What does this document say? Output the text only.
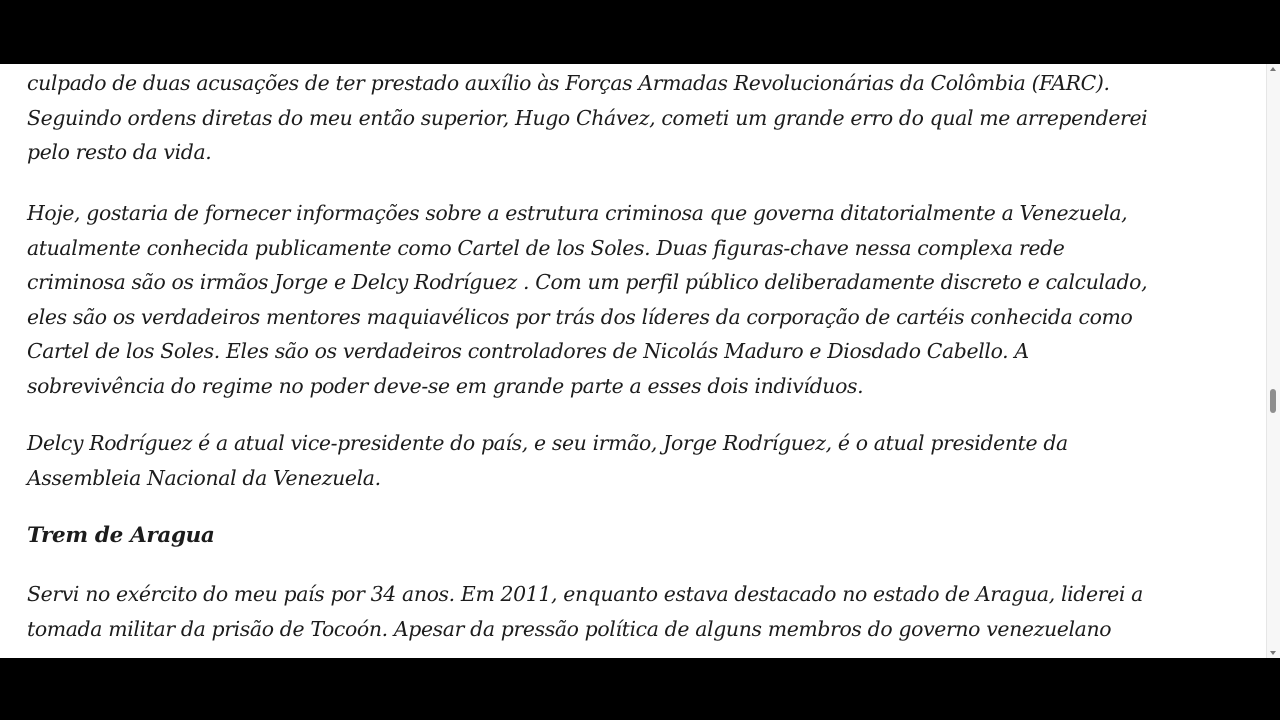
culpado de duas acusações de ter prestado auxílio às Forças Armadas Revolucionárias da Colômbia (FARC).
Seguindo ordens diretas do meu então superior, Hugo Chávez, cometi um grande erro do qual me arrependerei
pelo resto da vida.
Hoje, gostaria de fornecer informações sobre a estrutura criminosa que governa ditatorialmente a Venezuela,
atualmente conhecida publicamente como Cartel de los Soles. Duas figuras-chave nessa complexa rede
criminosa são os irmãos Jorge e Delcy Rodríguez . Com um perfil público deliberadamente discreto e calculado,
eles são os verdadeiros mentores maquiavélicos por trás dos líderes da corporação de cartéis conhecida como
Cartel de los Soles. Eles são os verdadeiros controladores de Nicolás Maduro e Diosdado Cabello. A
sobrevivência do regime no poder deve-se em grande parte a esses dois indivíduos.
Delcy Rodríguez é a atual vice-presidente do país, e seu irmão, Jorge Rodríguez, é o atual presidente da
Assembleia Nacional da Venezuela.
Trem de Aragua
Servi no exército do meu país por 34 anos. Em 2011, enquanto estava destacado no estado de Aragua, liderei a
tomada militar da prisão de Tocoón. Apesar da pressão política de alguns membros do governo venezuelano
